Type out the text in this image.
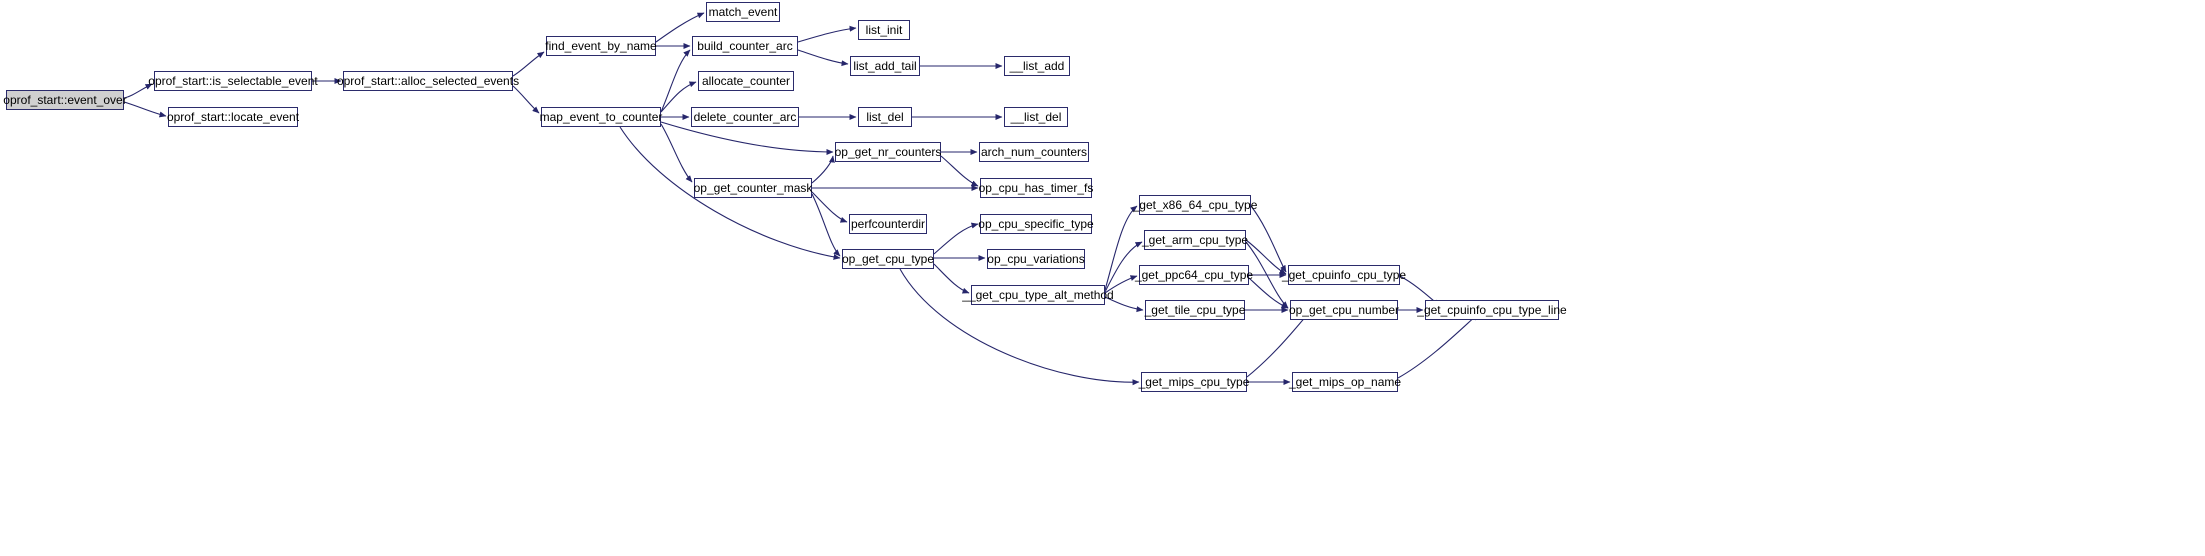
oprof_start::event_over
oprof_start::is_selectable_event
oprof_start::locate_event
oprof_start::alloc_selected_events
find_event_by_name
map_event_to_counter
match_event
build_counter_arc
allocate_counter
delete_counter_arc
op_get_counter_mask
perfcounterdir
op_get_cpu_type
op_get_nr_counters
list_init
list_add_tail
list_del
__list_add
__list_del
arch_num_counters
op_cpu_has_timer_fs
op_cpu_specific_type
op_cpu_variations
__get_cpu_type_alt_method
_get_x86_64_cpu_type
_get_arm_cpu_type
_get_ppc64_cpu_type
_get_tile_cpu_type
_get_mips_cpu_type
_get_cpuinfo_cpu_type
op_get_cpu_number
_get_mips_op_name
_get_cpuinfo_cpu_type_line
